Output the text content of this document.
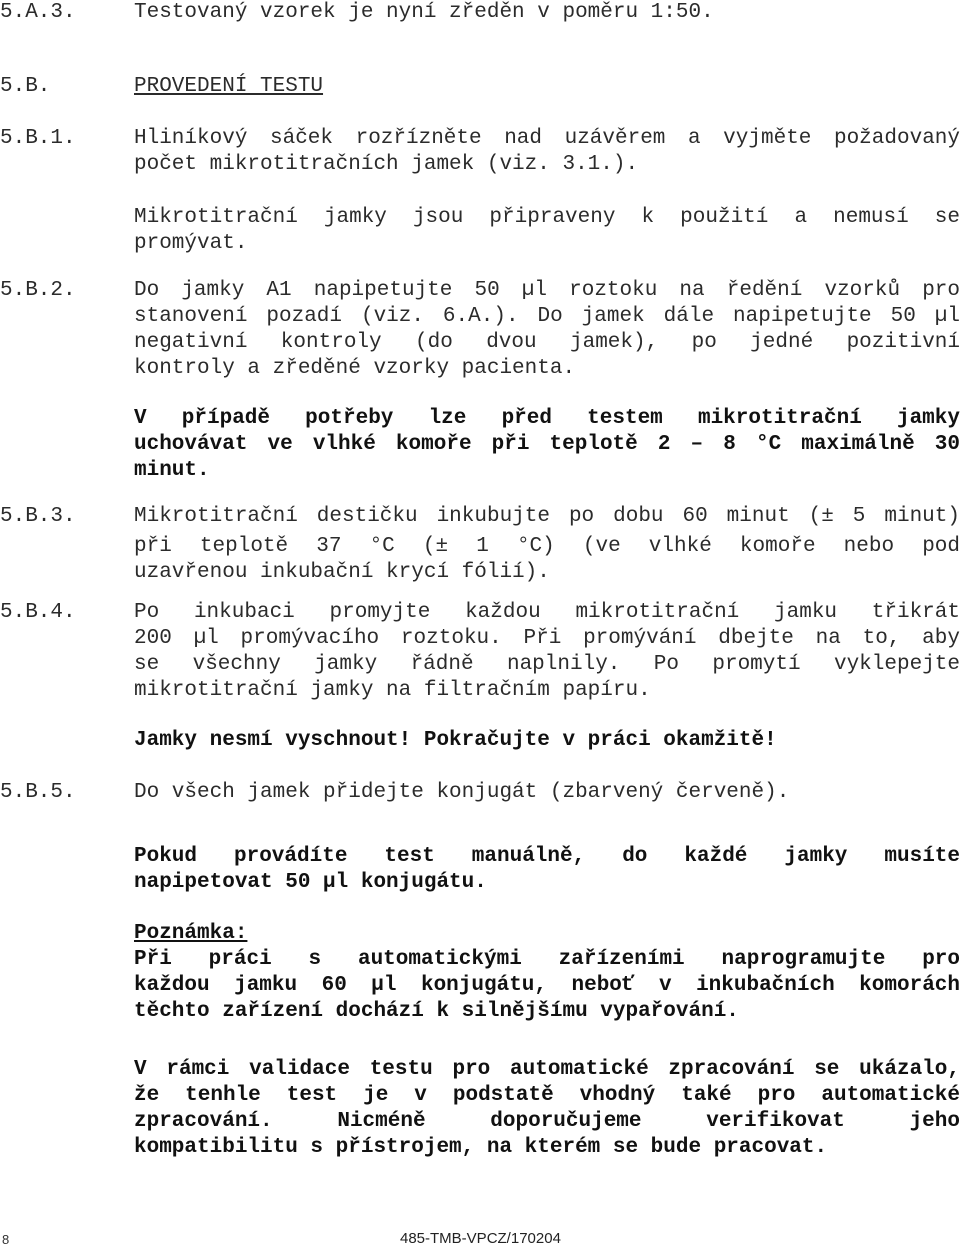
5.A.3.	Testovaný vzorek je nyní zředěn v poměru 1:50.
5.B.	PROVEDENÍ TESTU
5.B.1.	Hliníkový sáček rozřízněte nad uzávěrem a vyjměte požadovaný
počet mikrotitračních jamek (viz. 3.1.).
Mikrotitrační jamky jsou připraveny k použití a nemusí se
promývat.
5.B.2.	Do jamky A1 napipetujte 50 µl roztoku na ředění vzorků pro
stanovení pozadí (viz. 6.A.). Do jamek dále napipetujte 50 µl
negativní kontroly (do dvou jamek), po jedné pozitivní
kontroly a zředěné vzorky pacienta.
V případě potřeby lze před testem mikrotitrační jamky
uchovávat ve vlhké komoře při teplotě 2 – 8 °C maximálně 30
minut.
5.B.3.	Mikrotitrační destičku inkubujte po dobu 60 minut (± 5 minut)
při teplotě 37 °C (± 1 °C) (ve vlhké komoře nebo pod
uzavřenou inkubační krycí fólií).
5.B.4.	Po inkubaci promyjte každou mikrotitrační jamku třikrát
200 µl promývacího roztoku. Při promývání dbejte na to, aby
se všechny jamky řádně naplnily. Po promytí vyklepejte
mikrotitrační jamky na filtračním papíru.
Jamky nesmí vyschnout! Pokračujte v práci okamžitě!
5.B.5.	Do všech jamek přidejte konjugát (zbarvený červeně).
Pokud provádíte test manuálně, do každé jamky musíte
napipetovat 50 µl konjugátu.
Poznámka:
Při práci s automatickými zařízeními naprogramujte pro
každou jamku 60 µl konjugátu, neboť v inkubačních komorách
těchto zařízení dochází k silnějšímu vypařování.
V rámci validace testu pro automatické zpracování se ukázalo,
že tenhle test je v podstatě vhodný také pro automatické
zpracování. Nicméně doporučujeme verifikovat jeho
kompatibilitu s přístrojem, na kterém se bude pracovat.
8	485-TMB-VPCZ/170204
